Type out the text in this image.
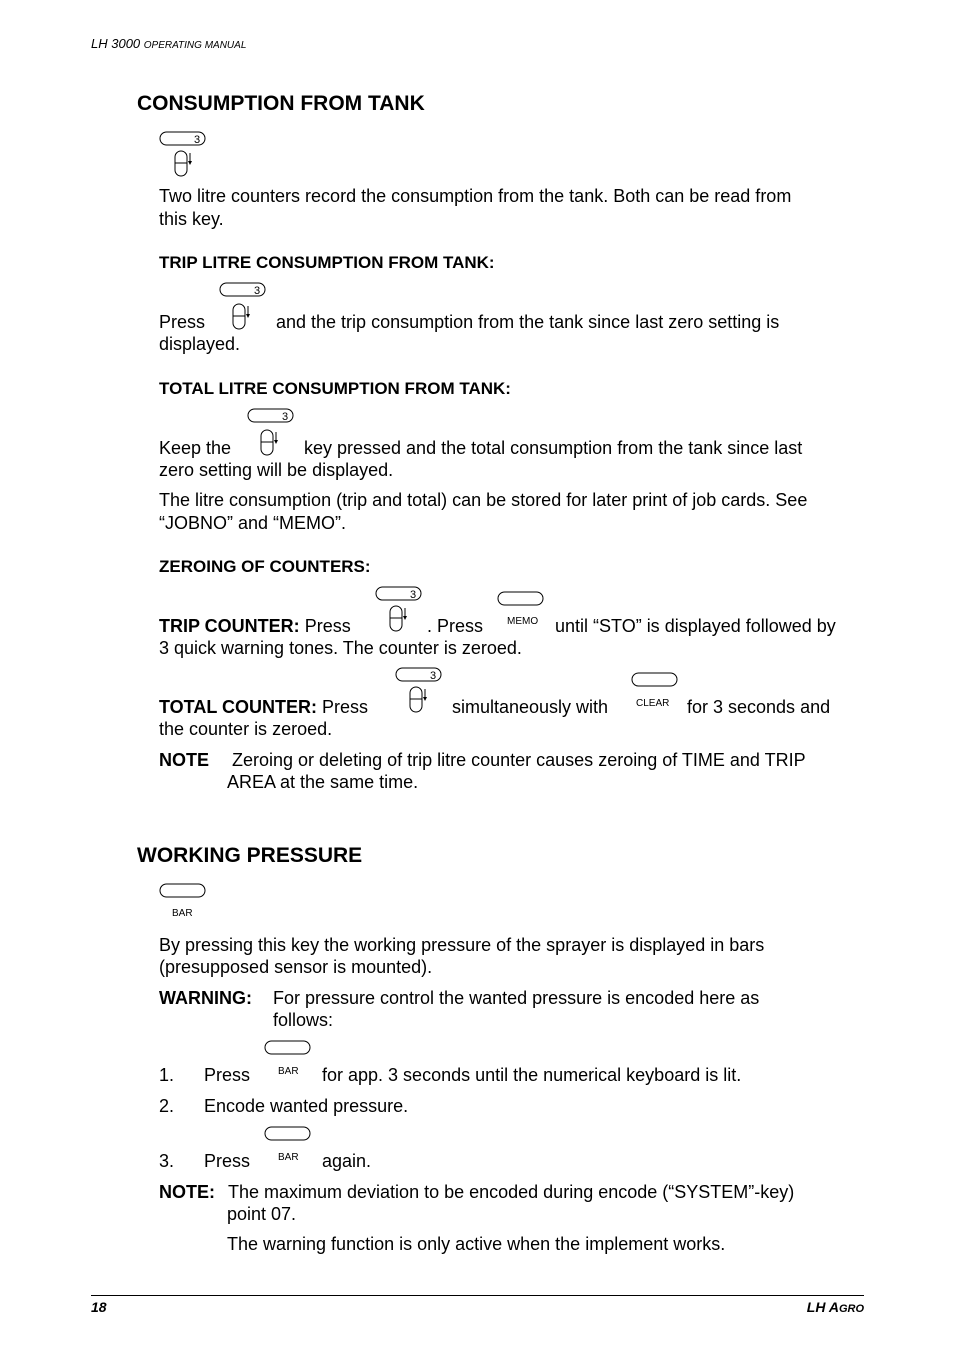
LH 3000 OPERATING MANUAL
CONSUMPTION FROM TANK
3
Two litre counters record the consumption from the tank. Both can be read from
this key.
TRIP LITRE CONSUMPTION FROM TANK:
3
Press	and the trip consumption from the tank since last zero setting is
displayed.
TOTAL LITRE CONSUMPTION FROM TANK:
3
Keep the	key pressed and the total consumption from the tank since last
zero setting will be displayed.
The litre consumption (trip and total) can be stored for later print of job cards. See
“JOBNO” and “MEMO”.
ZEROING OF COUNTERS:
3
MEMO
TRIP COUNTER: Press	. Press	until “STO” is displayed followed by
3 quick warning tones. The counter is zeroed.
3
CLEAR
TOTAL COUNTER: Press	simultaneously with	for 3 seconds and
the counter is zeroed.
NOTE Zeroing or deleting of trip litre counter causes zeroing of TIME and TRIP
AREA at the same time.
WORKING PRESSURE
BAR
By pressing this key the working pressure of the sprayer is displayed in bars
(presupposed sensor is mounted).
WARNING: For pressure control the wanted pressure is encoded here as
follows:
BAR
1. Press	for app. 3 seconds until the numerical keyboard is lit.
2. Encode wanted pressure.
BAR
3. Press	again.
NOTE: The maximum deviation to be encoded during encode (“SYSTEM”-key)
point 07.
The warning function is only active when the implement works.
18	LH AGRO
